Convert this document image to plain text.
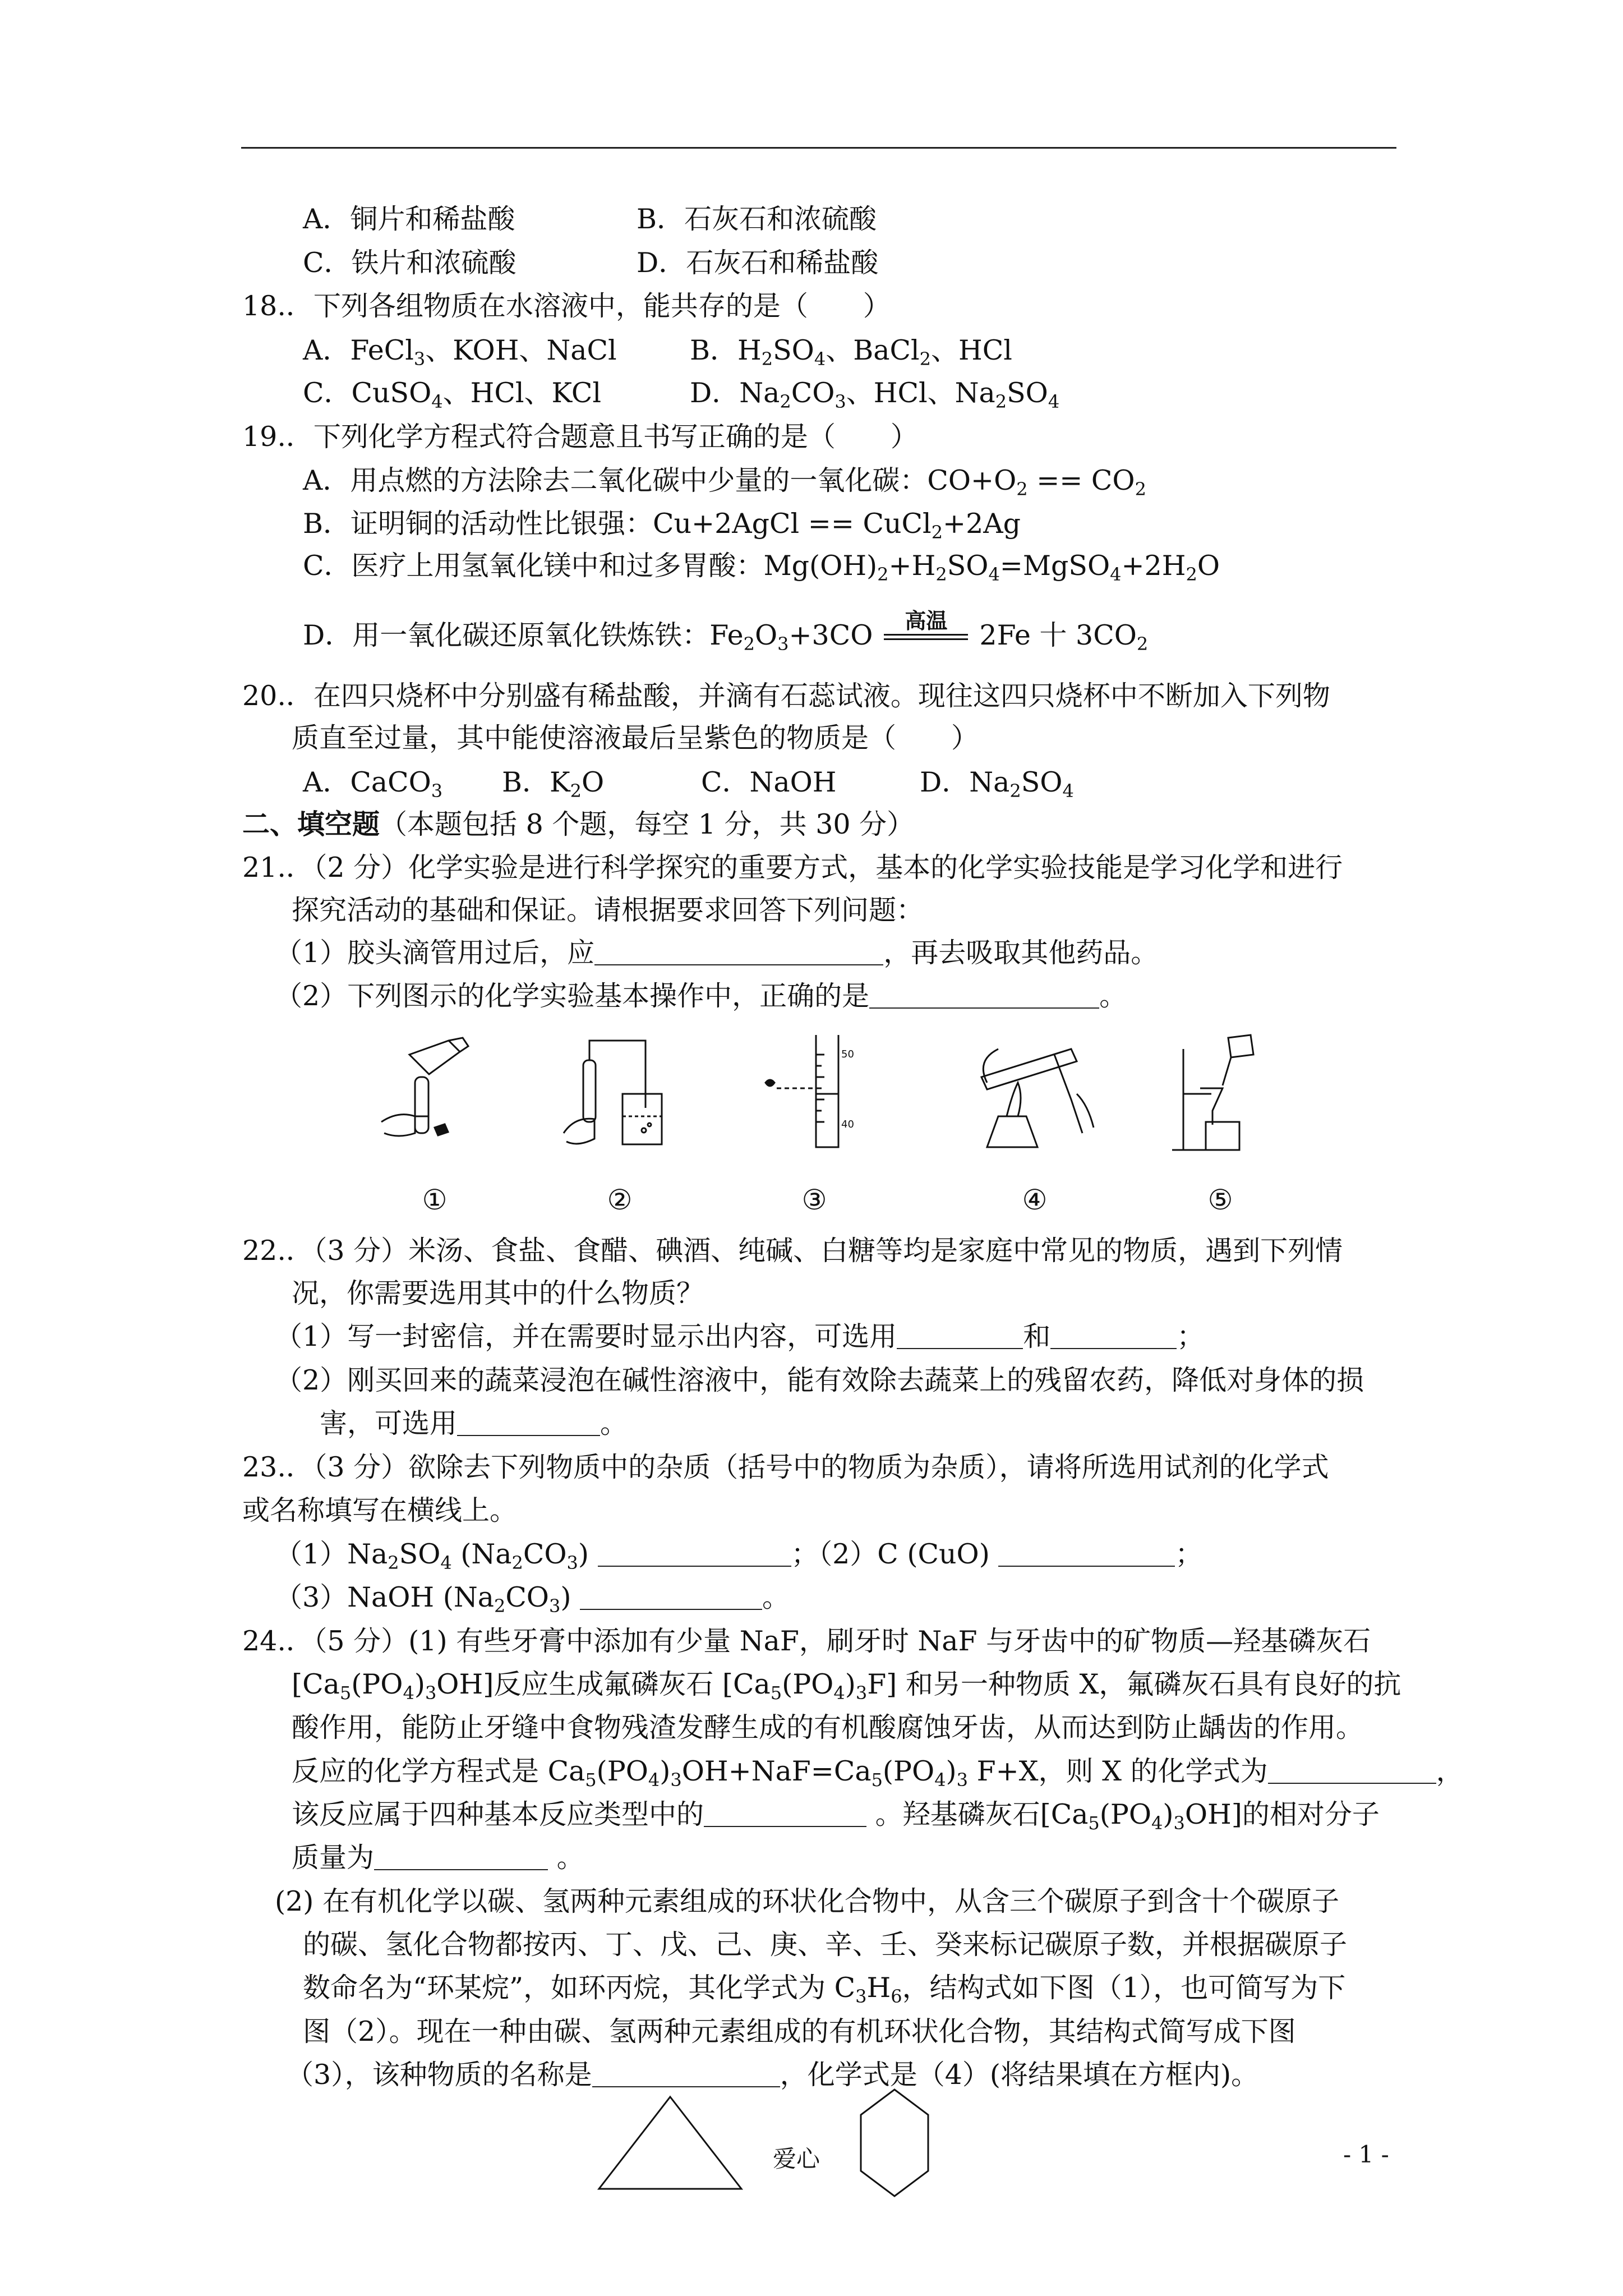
A．铜片和稀盐酸	B．石灰石和浓硫酸
C．铁片和浓硫酸	D．石灰石和稀盐酸
18.．下列各组物质在水溶液中，能共存的是（　　）
A．FeCl$_3$、KOH、NaCl	B．$H_2SO_4$、BaCl$_2$、HCl
C．CuSO$_4$、HCl、KCl	D．$Na_2CO_3$、HCl、$Na_2SO_4$
19.．下列化学方程式符合题意且书写正确的是（　　）
A．用点燃的方法除去二氧化碳中少量的一氧化碳：$CO+O_2 == CO_2$
B．证明铜的活动性比银强：Cu+2AgCl == CuCl$_2$+2Ag
C．医疗上用氢氧化镁中和过多胃酸：$Mg(OH)_2+H_2SO_4=MgSO_4+2H_2O$
D．用一氧化碳还原氧化铁炼铁：$Fe_2O_3+3CO$	高温	2Fe 十 $3CO_2$
20.．在四只烧杯中分别盛有稀盐酸，并滴有石蕊试液。现往这四只烧杯中不断加入下列物
质直至过量，其中能使溶液最后呈紫色的物质是（　　）
A．CaCO$_3$ B．$K_2O$	C．NaOH	D．$Na_2SO_4$
二、填空题（本题包括 8 个题，每空 1 分，共 30 分）
21.．（2 分）化学实验是进行科学探究的重要方式，基本的化学实验技能是学习化学和进行
探究活动的基础和保证。请根据要求回答下列问题：
（1）胶头滴管用过后，应	，再去吸取其他药品。
（2）下列图示的化学实验基本操作中，正确的是	。
50
40
①	②	③	④	⑤
22.．（3 分）米汤、食盐、食醋、碘酒、纯碱、白糖等均是家庭中常见的物质，遇到下列情
况，你需要选用其中的什么物质？
（1）写一封密信，并在需要时显示出内容，可选用	和	；
（2）刚买回来的蔬菜浸泡在碱性溶液中，能有效除去蔬菜上的残留农药，降低对身体的损
害，可选用	。
23.．（3 分）欲除去下列物质中的杂质（括号中的物质为杂质），请将所选用试剂的化学式
或名称填写在横线上。
$(1)Na_2SO_4$ $(Na_2CO_3)$	；（2）C (CuO)	；
（3）NaOH $(Na_2CO_3)$	。
24.．（5 分）(1) 有些牙膏中添加有少量 NaF，刷牙时 NaF 与牙齿中的矿物质—羟基磷灰石
$[Ca_5(PO_4)_3OH]$反应生成氟磷灰石 $[Ca_5(PO_4)_3F]$ 和另一种物质 X，氟磷灰石具有良好的抗
酸作用，能防止牙缝中食物残渣发酵生成的有机酸腐蚀牙齿，从而达到防止龋齿的作用。
反应的化学方程式是 $Ca_5(PO_4)_3OH+NaF=Ca_5(PO_4)_3$ F+X，则 X 的化学式为	，
该反应属于四种基本反应类型中的	。羟基磷灰石$[Ca_5(PO_4)_3OH]$的相对分子
质量为	。
(2) 在有机化学以碳、氢两种元素组成的环状化合物中，从含三个碳原子到含十个碳原子
的碳、氢化合物都按丙、丁、戊、己、庚、辛、壬、癸来标记碳原子数，并根据碳原子
数命名为“环某烷”，如环丙烷，其化学式为 $C_3H_6$，结构式如下图（1），也可简写为下
图（2）。现在一种由碳、氢两种元素组成的有机环状化合物，其结构式简写成下图
（3），该种物质的名称是	，化学式是（4）(将结果填在方框内)。
爱心	- 1 -
